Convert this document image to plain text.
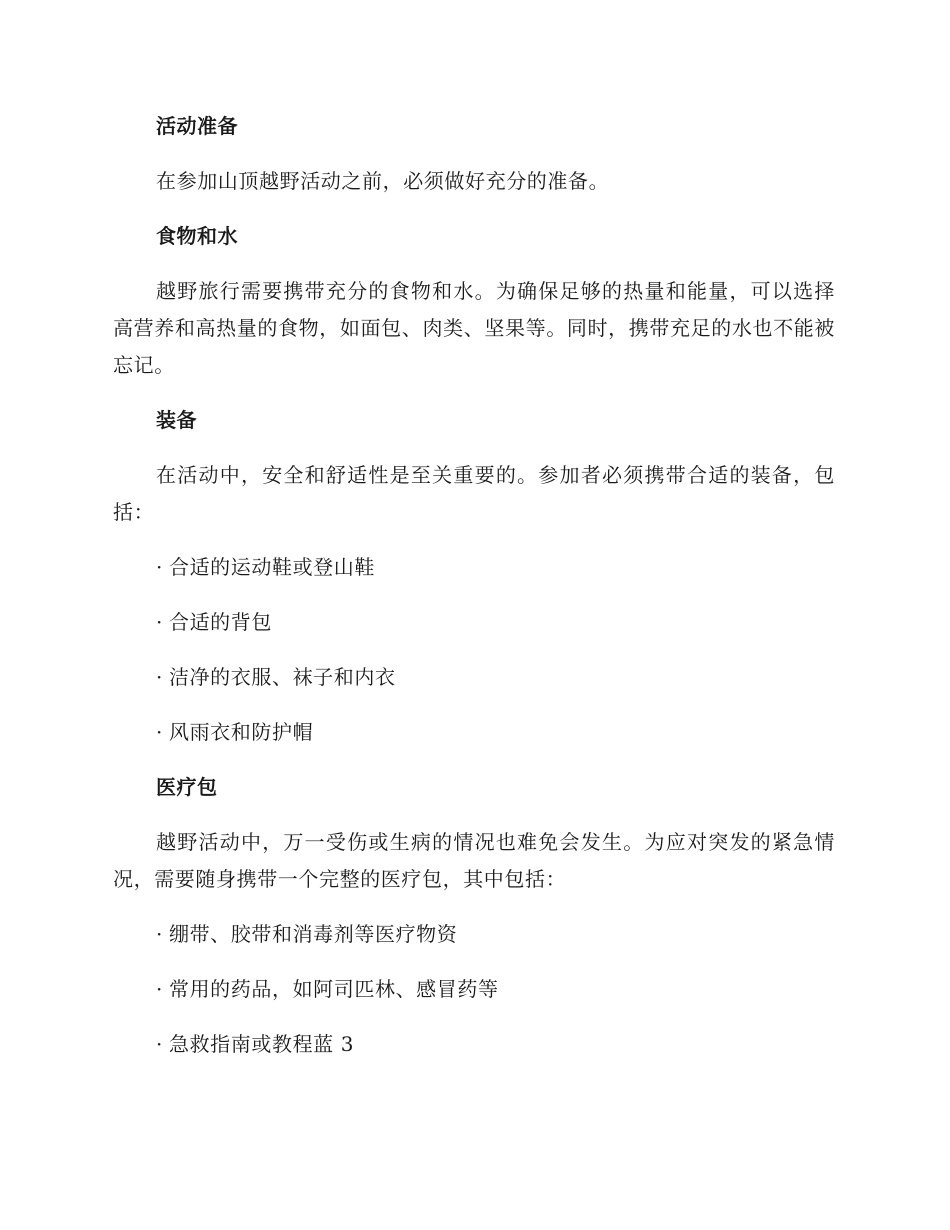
活动准备
在参加山顶越野活动之前，必须做好充分的准备。
食物和水
越野旅行需要携带充分的食物和水。为确保足够的热量和能量，可以选择高营养和高热量的食物，如面包、肉类、坚果等。同时，携带充足的水也不能被忘记。
装备
在活动中，安全和舒适性是至关重要的。参加者必须携带合适的装备，包括：
· 合适的运动鞋或登山鞋
· 合适的背包
· 洁净的衣服、袜子和内衣
· 风雨衣和防护帽
医疗包
越野活动中，万一受伤或生病的情况也难免会发生。为应对突发的紧急情况，需要随身携带一个完整的医疗包，其中包括：
· 绷带、胶带和消毒剂等医疗物资
· 常用的药品，如阿司匹林、感冒药等
· 急救指南或教程蓝 3
